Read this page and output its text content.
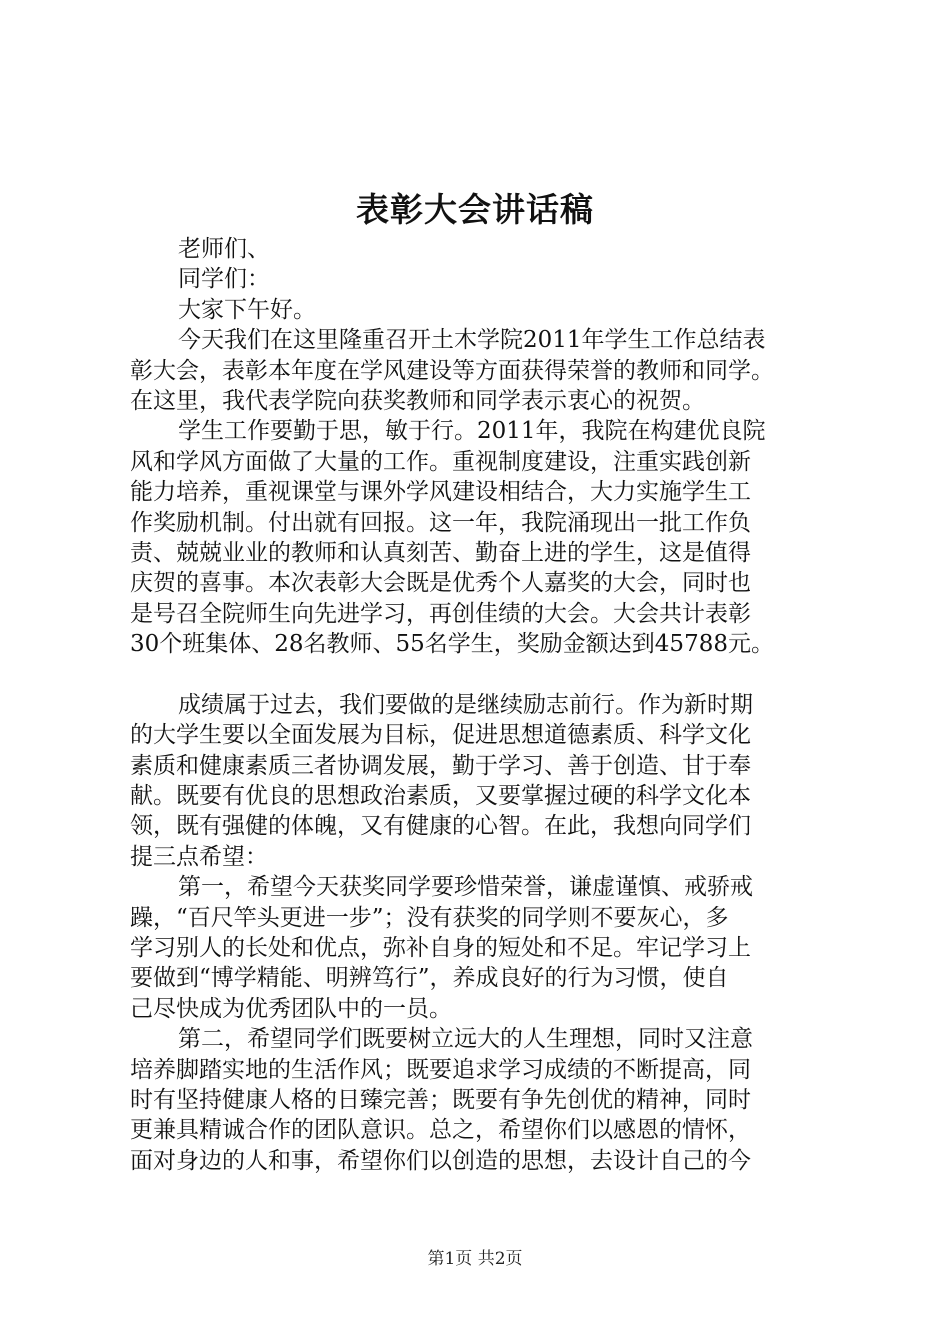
表彰大会讲话稿
老师们、
同学们：
大家下午好。
今天我们在这里隆重召开土木学院2011年学生工作总结表
彰大会，表彰本年度在学风建设等方面获得荣誉的教师和同学。
在这里，我代表学院向获奖教师和同学表示衷心的祝贺。
学生工作要勤于思，敏于行。2011年，我院在构建优良院
风和学风方面做了大量的工作。重视制度建设，注重实践创新
能力培养，重视课堂与课外学风建设相结合，大力实施学生工
作奖励机制。付出就有回报。这一年，我院涌现出一批工作负
责、兢兢业业的教师和认真刻苦、勤奋上进的学生，这是值得
庆贺的喜事。本次表彰大会既是优秀个人嘉奖的大会，同时也
是号召全院师生向先进学习，再创佳绩的大会。大会共计表彰
30个班集体、28名教师、55名学生，奖励金额达到45788元。
成绩属于过去，我们要做的是继续励志前行。作为新时期
的大学生要以全面发展为目标，促进思想道德素质、科学文化
素质和健康素质三者协调发展，勤于学习、善于创造、甘于奉
献。既要有优良的思想政治素质，又要掌握过硬的科学文化本
领，既有强健的体魄，又有健康的心智。在此，我想向同学们
提三点希望：
第一，希望今天获奖同学要珍惜荣誉，谦虚谨慎、戒骄戒
躁，“百尺竿头更进一步”；没有获奖的同学则不要灰心，多
学习别人的长处和优点，弥补自身的短处和不足。牢记学习上
要做到“博学精能、明辨笃行”，养成良好的行为习惯，使自
己尽快成为优秀团队中的一员。
第二，希望同学们既要树立远大的人生理想，同时又注意
培养脚踏实地的生活作风；既要追求学习成绩的不断提高，同
时有坚持健康人格的日臻完善；既要有争先创优的精神，同时
更兼具精诚合作的团队意识。总之，希望你们以感恩的情怀，
面对身边的人和事，希望你们以创造的思想，去设计自己的今
第1页 共2页
